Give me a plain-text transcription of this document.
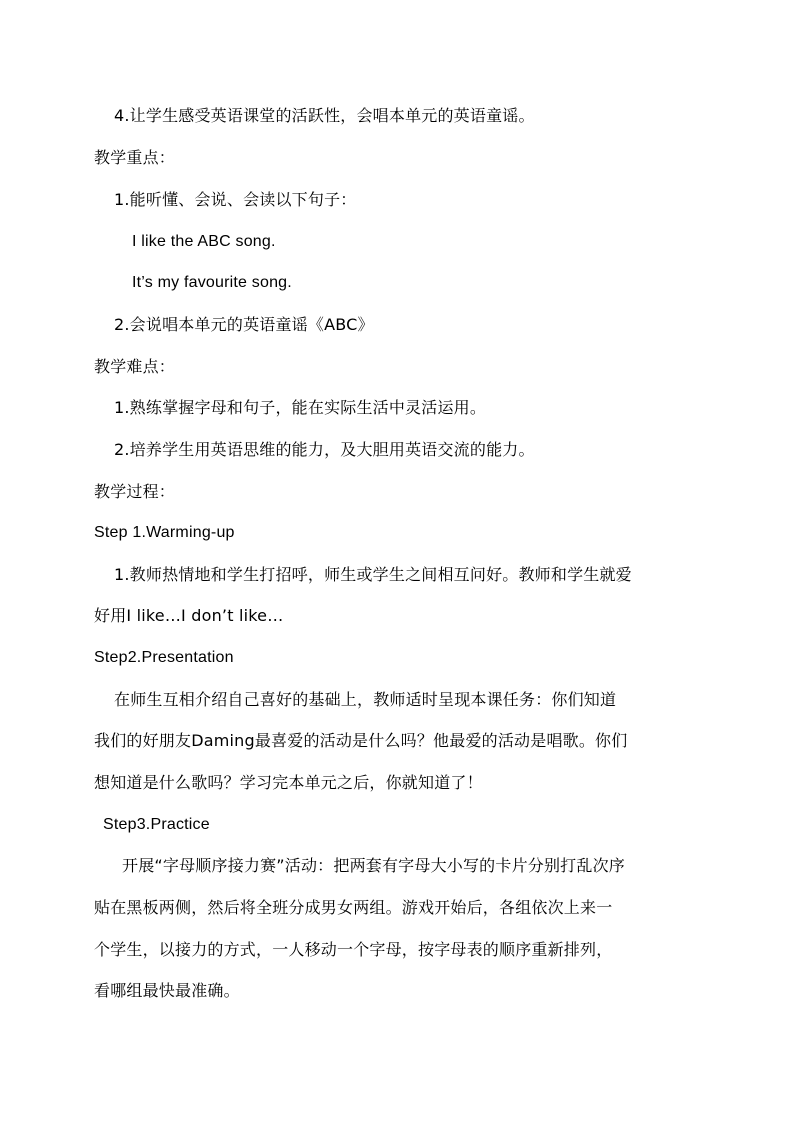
4.让学生感受英语课堂的活跃性，会唱本单元的英语童谣。
教学重点：
1.能听懂、会说、会读以下句子：
I like the ABC song.
It’s my favourite song.
2.会说唱本单元的英语童谣《ABC》
教学难点：
1.熟练掌握字母和句子，能在实际生活中灵活运用。
2.培养学生用英语思维的能力，及大胆用英语交流的能力。
教学过程：
Step 1.Warming-up
1.教师热情地和学生打招呼，师生或学生之间相互问好。教师和学生就爱
好用I like…I don’t like…
Step2.Presentation
在师生互相介绍自己喜好的基础上，教师适时呈现本课任务：你们知道
我们的好朋友Daming最喜爱的活动是什么吗？他最爱的活动是唱歌。你们
想知道是什么歌吗？学习完本单元之后，你就知道了！
Step3.Practice
开展“字母顺序接力赛”活动：把两套有字母大小写的卡片分别打乱次序
贴在黑板两侧，然后将全班分成男女两组。游戏开始后，各组依次上来一
个学生，以接力的方式，一人移动一个字母，按字母表的顺序重新排列，
看哪组最快最准确。
